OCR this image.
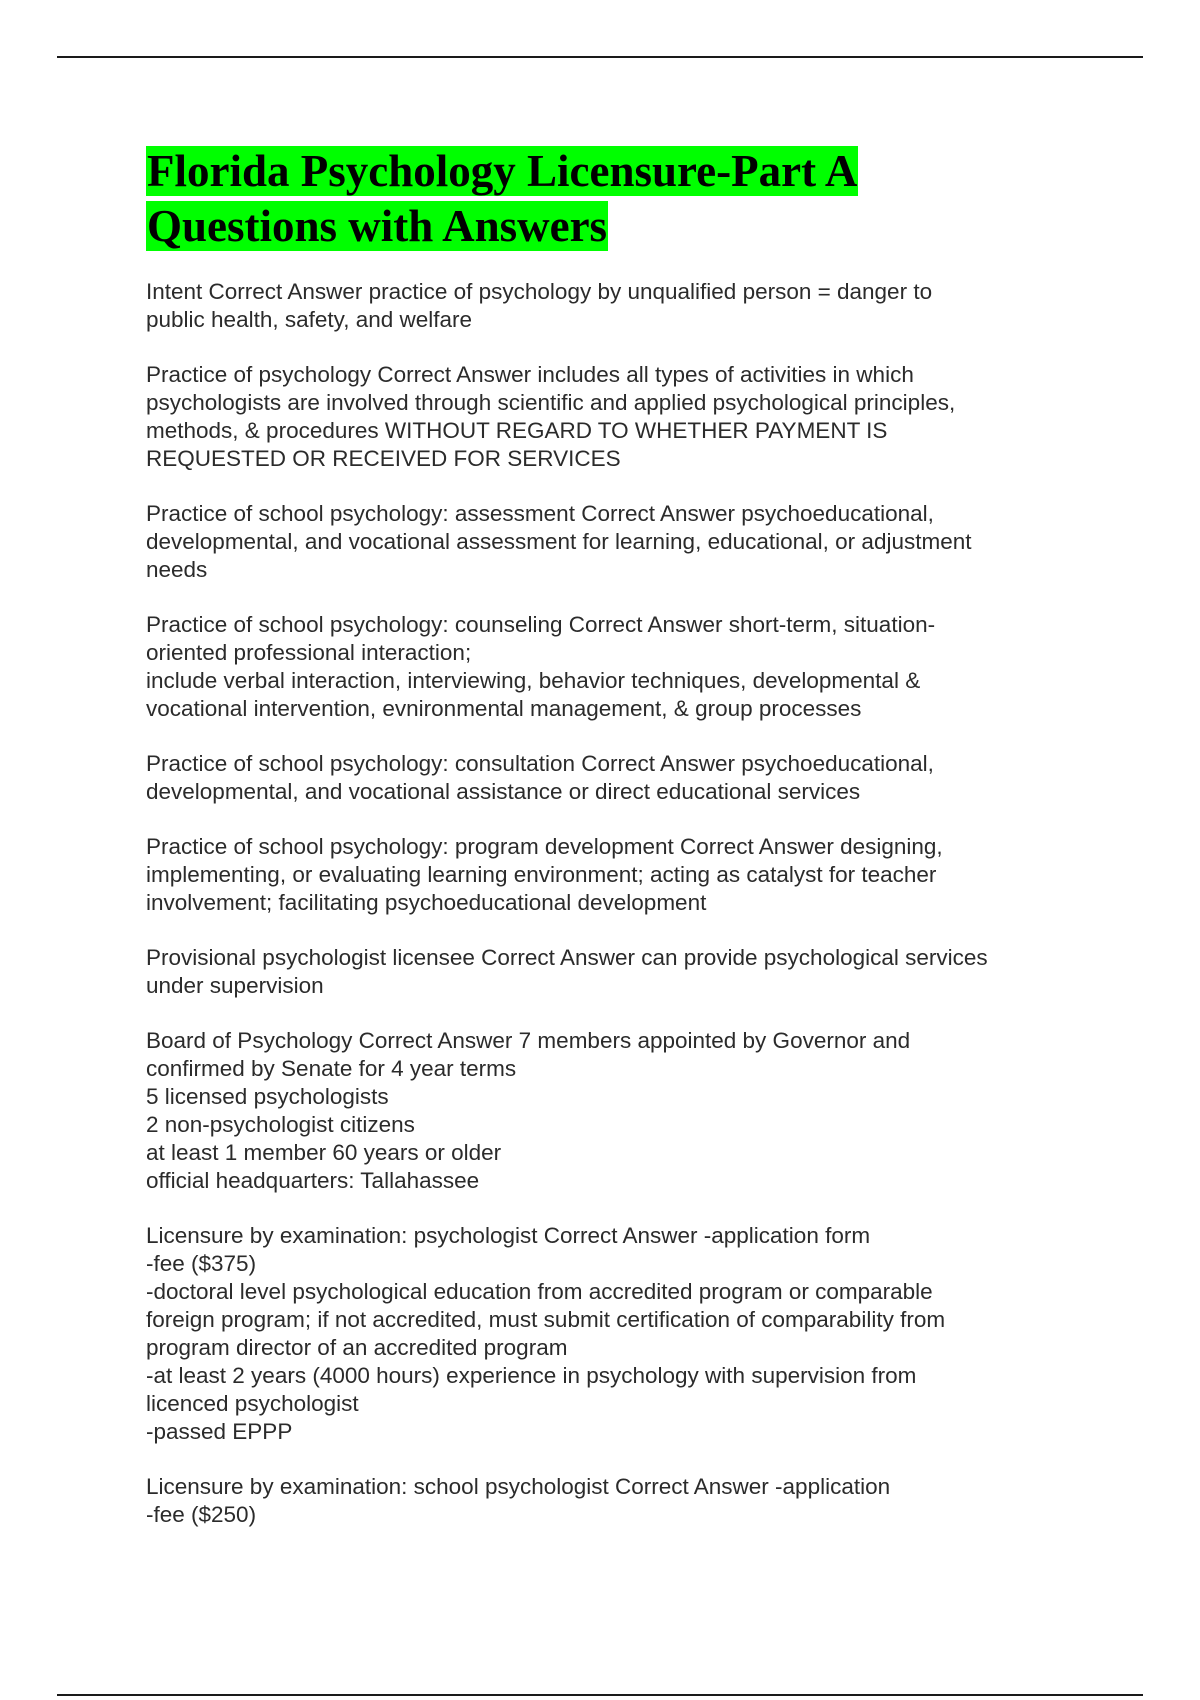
Florida Psychology Licensure-Part A
Questions with Answers
Intent Correct Answer practice of psychology by unqualified person = danger to
public health, safety, and welfare
Practice of psychology Correct Answer includes all types of activities in which
psychologists are involved through scientific and applied psychological principles,
methods, & procedures WITHOUT REGARD TO WHETHER PAYMENT IS
REQUESTED OR RECEIVED FOR SERVICES
Practice of school psychology: assessment Correct Answer psychoeducational,
developmental, and vocational assessment for learning, educational, or adjustment
needs
Practice of school psychology: counseling Correct Answer short-term, situation-
oriented professional interaction;
include verbal interaction, interviewing, behavior techniques, developmental &
vocational intervention, evnironmental management, & group processes
Practice of school psychology: consultation Correct Answer psychoeducational,
developmental, and vocational assistance or direct educational services
Practice of school psychology: program development Correct Answer designing,
implementing, or evaluating learning environment; acting as catalyst for teacher
involvement; facilitating psychoeducational development
Provisional psychologist licensee Correct Answer can provide psychological services
under supervision
Board of Psychology Correct Answer 7 members appointed by Governor and
confirmed by Senate for 4 year terms
5 licensed psychologists
2 non-psychologist citizens
at least 1 member 60 years or older
official headquarters: Tallahassee
Licensure by examination: psychologist Correct Answer -application form
-fee ($375)
-doctoral level psychological education from accredited program or comparable
foreign program; if not accredited, must submit certification of comparability from
program director of an accredited program
-at least 2 years (4000 hours) experience in psychology with supervision from
licenced psychologist
-passed EPPP
Licensure by examination: school psychologist Correct Answer -application
-fee ($250)
